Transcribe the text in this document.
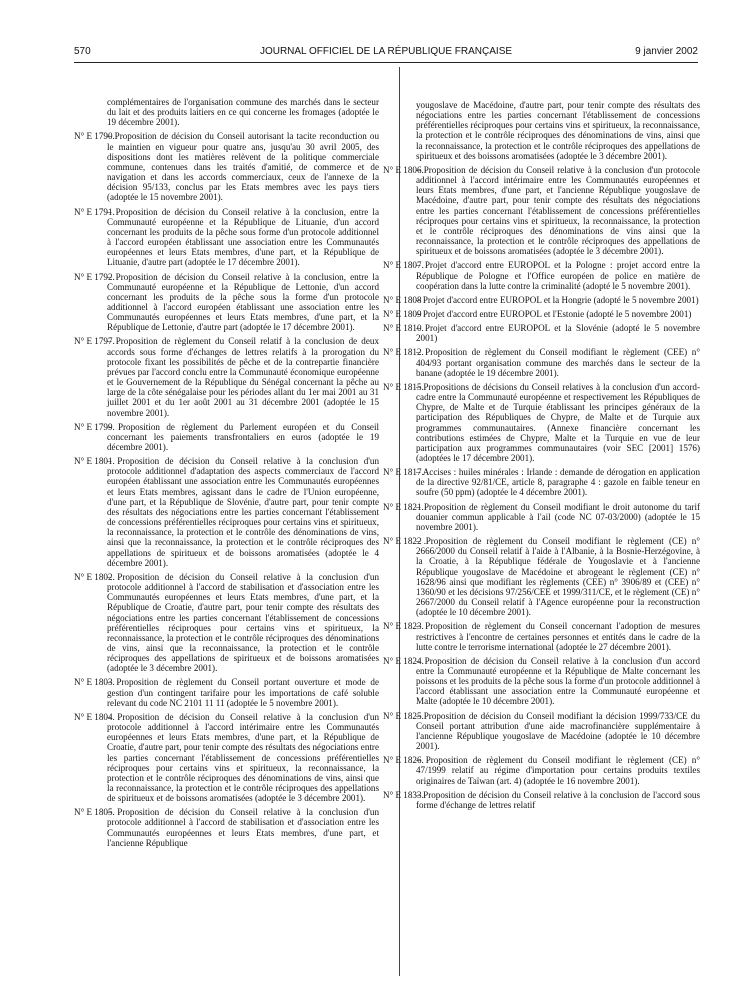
570	JOURNAL OFFICIEL DE LA RÉPUBLIQUE FRANÇAISE	9 janvier 2002
complémentaires de l'organisation commune des marchés dans le secteur du lait et des produits laitiers en ce qui concerne les fromages (adoptée le 19 décembre 2001).
N° E 1790.
– Proposition de décision du Conseil autorisant la tacite reconduction ou le maintien en vigueur pour quatre ans, jusqu'au 30 avril 2005, des dispositions dont les matières relèvent de la politique commerciale commune, contenues dans les traités d'amitié, de commerce et de navigation et dans les accords commerciaux, ceux de l'annexe de la décision 95/133, conclus par les Etats membres avec les pays tiers (adoptée le 15 novembre 2001).
N° E 1791.
– Proposition de décision du Conseil relative à la conclusion, entre la Communauté européenne et la République de Lituanie, d'un accord concernant les produits de la pêche sous forme d'un protocole additionnel à l'accord européen établissant une association entre les Communautés européennes et leurs Etats membres, d'une part, et la République de Lituanie, d'autre part (adoptée le 17 décembre 2001).
N° E 1792.
– Proposition de décision du Conseil relative à la conclusion, entre la Communauté européenne et la République de Lettonie, d'un accord concernant les produits de la pêche sous la forme d'un protocole additionnel à l'accord européen établissant une association entre les Communautés européennes et leurs Etats membres, d'une part, et la République de Lettonie, d'autre part (adoptée le 17 décembre 2001).
N° E 1797.
– Proposition de règlement du Conseil relatif à la conclusion de deux accords sous forme d'échanges de lettres relatifs à la prorogation du protocole fixant les possibilités de pêche et de la contrepartie financière prévues par l'accord conclu entre la Communauté économique européenne et le Gouvernement de la République du Sénégal concernant la pêche au large de la côte sénégalaise pour les périodes allant du 1er mai 2001 au 31 juillet 2001 et du 1er août 2001 au 31 décembre 2001 (adoptée le 15 novembre 2001).
N° E 1799.
– Proposition de règlement du Parlement européen et du Conseil concernant les paiements transfrontaliers en euros (adoptée le 19 décembre 2001).
N° E 1801.
– Proposition de décision du Conseil relative à la conclusion d'un protocole additionnel d'adaptation des aspects commerciaux de l'accord européen établissant une association entre les Communautés européennes et leurs Etats membres, agissant dans le cadre de l'Union européenne, d'une part, et la République de Slovénie, d'autre part, pour tenir compte des résultats des négociations entre les parties concernant l'établissement de concessions préférentielles réciproques pour certains vins et spiritueux, la reconnaissance, la protection et le contrôle des dénominations de vins, ainsi que la reconnaissance, la protection et le contrôle réciproques des appellations de spiritueux et de boissons aromatisées (adoptée le 4 décembre 2001).
N° E 1802.
– Proposition de décision du Conseil relative à la conclusion d'un protocole additionnel à l'accord de stabilisation et d'association entre les Communautés européennes et leurs Etats membres, d'une part, et la République de Croatie, d'autre part, pour tenir compte des résultats des négociations entre les parties concernant l'établissement de concessions préférentielles réciproques pour certains vins et spiritueux, la reconnaissance, la protection et le contrôle réciproques des dénominations de vins, ainsi que la reconnaissance, la protection et le contrôle réciproques des appellations de spiritueux et de boissons aromatisées (adoptée le 3 décembre 2001).
N° E 1803.
– Proposition de règlement du Conseil portant ouverture et mode de gestion d'un contingent tarifaire pour les importations de café soluble relevant du code NC 2101 11 11 (adoptée le 5 novembre 2001).
N° E 1804.
– Proposition de décision du Conseil relative à la conclusion d'un protocole additionnel à l'accord intérimaire entre les Communautés européennes et leurs Etats membres, d'une part, et la République de Croatie, d'autre part, pour tenir compte des résultats des négociations entre les parties concernant l'établissement de concessions préférentielles réciproques pour certains vins et spiritueux, la reconnaissance, la protection et le contrôle réciproques des dénominations de vins, ainsi que la reconnaissance, la protection et le contrôle réciproques des appellations de spiritueux et de boissons aromatisées (adoptée le 3 décembre 2001).
N° E 1805.
– Proposition de décision du Conseil relative à la conclusion d'un protocole additionnel à l'accord de stabilisation et d'association entre les Communautés européennes et leurs Etats membres, d'une part, et l'ancienne République
yougoslave de Macédoine, d'autre part, pour tenir compte des résultats des négociations entre les parties concernant l'établissement de concessions préférentielles réciproques pour certains vins et spiritueux, la reconnaissance, la protection et le contrôle réciproques des dénominations de vins, ainsi que la reconnaissance, la protection et le contrôle réciproques des appellations de spiritueux et des boissons aromatisées (adoptée le 3 décembre 2001).
N° E 1806.
– Proposition de décision du Conseil relative à la conclusion d'un protocole additionnel à l'accord intérimaire entre les Communautés européennes et leurs Etats membres, d'une part, et l'ancienne République yougoslave de Macédoine, d'autre part, pour tenir compte des résultats des négociations entre les parties concernant l'établissement de concessions préférentielles réciproques pour certains vins et spiritueux, la reconnaissance, la protection et le contrôle réciproques des dénominations de vins ainsi que la reconnaissance, la protection et le contrôle réciproques des appellations de spiritueux et de boissons aromatisées (adoptée le 3 décembre 2001).
N° E 1807.
– Projet d'accord entre EUROPOL et la Pologne : projet accord entre la République de Pologne et l'Office européen de police en matière de coopération dans la lutte contre la criminalité (adopté le 5 novembre 2001).
N° E 1808
– Projet d'accord entre EUROPOL et la Hongrie (adopté le 5 novembre 2001)
N° E 1809
– Projet d'accord entre EUROPOL et l'Estonie (adopté le 5 novembre 2001)
N° E 1810.
– Projet d'accord entre EUROPOL et la Slovénie (adopté le 5 novembre 2001)
N° E 1812.
– Proposition de règlement du Conseil modifiant le règlement (CEE) n° 404/93 portant organisation commune des marchés dans le secteur de la banane (adoptée le 19 décembre 2001).
N° E 1815.
– Propositions de décisions du Conseil relatives à la conclusion d'un accord-cadre entre la Communauté européenne et respectivement les Républiques de Chypre, de Malte et de Turquie établissant les principes généraux de la participation des Républiques de Chypre, de Malte et de Turquie aux programmes communautaires. (Annexe financière concernant les contributions estimées de Chypre, Malte et la Turquie en vue de leur participation aux programmes communautaires (voir SEC [2001] 1576) (adoptées le 17 décembre 2001).
N° E 1817.
– Accises : huiles minérales : Irlande : demande de dérogation en application de la directive 92/81/CE, article 8, paragraphe 4 : gazole en faible teneur en soufre (50 ppm) (adoptée le 4 décembre 2001).
N° E 1821.
– Proposition de règlement du Conseil modifiant le droit autonome du tarif douanier commun applicable à l'ail (code NC 07-03/2000) (adoptée le 15 novembre 2001).
N° E 1822 .
– Proposition de règlement du Conseil modifiant le règlement (CE) n° 2666/2000 du Conseil relatif à l'aide à l'Albanie, à la Bosnie-Herzégovine, à la Croatie, à la République fédérale de Yougoslavie et à l'ancienne République yougoslave de Macédoine et abrogeant le règlement (CE) n° 1628/96 ainsi que modifiant les règlements (CEE) n° 3906/89 et (CEE) n° 1360/90 et les décisions 97/256/CEE et 1999/311/CE, et le règlement (CE) n° 2667/2000 du Conseil relatif à l'Agence européenne pour la reconstruction (adoptée le 10 décembre 2001).
N° E 1823.
– Proposition de règlement du Conseil concernant l'adoption de mesures restrictives à l'encontre de certaines personnes et entités dans le cadre de la lutte contre le terrorisme international (adoptée le 27 décembre 2001).
N° E 1824.
– Proposition de décision du Conseil relative à la conclusion d'un accord entre la Communauté européenne et la République de Malte concernant les poissons et les produits de la pêche sous la forme d'un protocole additionnel à l'accord établissant une association entre la Communauté européenne et Malte (adoptée le 10 décembre 2001).
N° E 1825.
– Proposition de décision du Conseil modifiant la décision 1999/733/CE du Conseil portant attribution d'une aide macrofinancière supplémentaire à l'ancienne République yougoslave de Macédoine (adoptée le 10 décembre 2001).
N° E 1826.
– Proposition de règlement du Conseil modifiant le règlement (CE) n° 47/1999 relatif au régime d'importation pour certains produits textiles originaires de Taïwan (art. 4) (adoptée le 16 novembre 2001).
N° E 1833.
– Proposition de décision du Conseil relative à la conclusion de l'accord sous forme d'échange de lettres relatif
